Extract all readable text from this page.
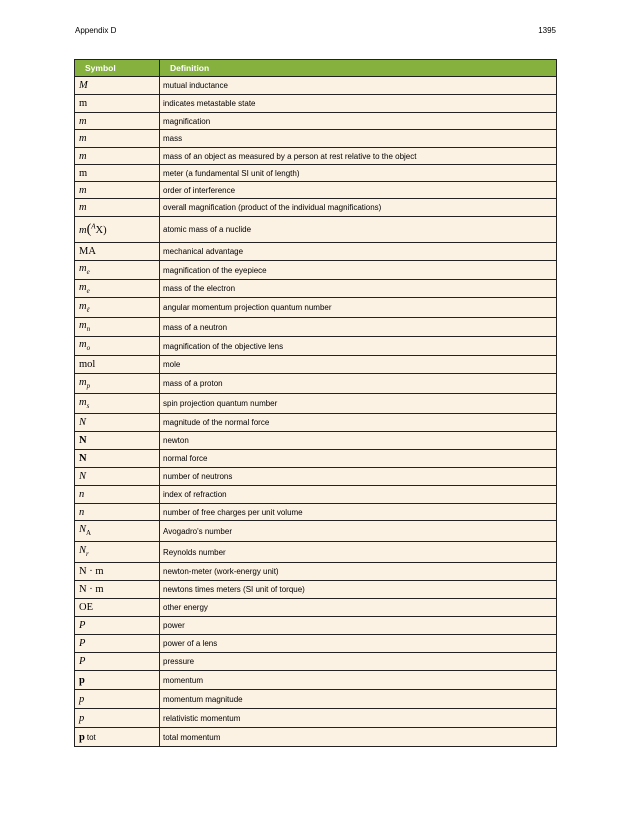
Appendix D	1395
Symbol	Definition
M	mutual inductance
m	indicates metastable state
m	magnification
m	mass
m	mass of an object as measured by a person at rest relative to the object
m	meter (a fundamental SI unit of length)
m	order of interference
m	overall magnification (product of the individual magnifications)
m($^A$X)	atomic mass of a nuclide
MA	mechanical advantage
$m_e$	magnification of the eyepiece
$m_e$	mass of the electron
$m_\ell$	angular momentum projection quantum number
$m_n$	mass of a neutron
$m_o$	magnification of the objective lens
mol	mole
$m_p$	mass of a proton
$m_s$	spin projection quantum number
N	magnitude of the normal force
N	newton
N	normal force
N	number of neutrons
n	index of refraction
n	number of free charges per unit volume
$N_A$	Avogadro's number
$N_r$	Reynolds number
N · m	newton-meter (work-energy unit)
N · m	newtons times meters (SI unit of torque)
OE	other energy
P	power
P	power of a lens
P	pressure
p	momentum
p	momentum magnitude
p	relativistic momentum
p tot	total momentum
